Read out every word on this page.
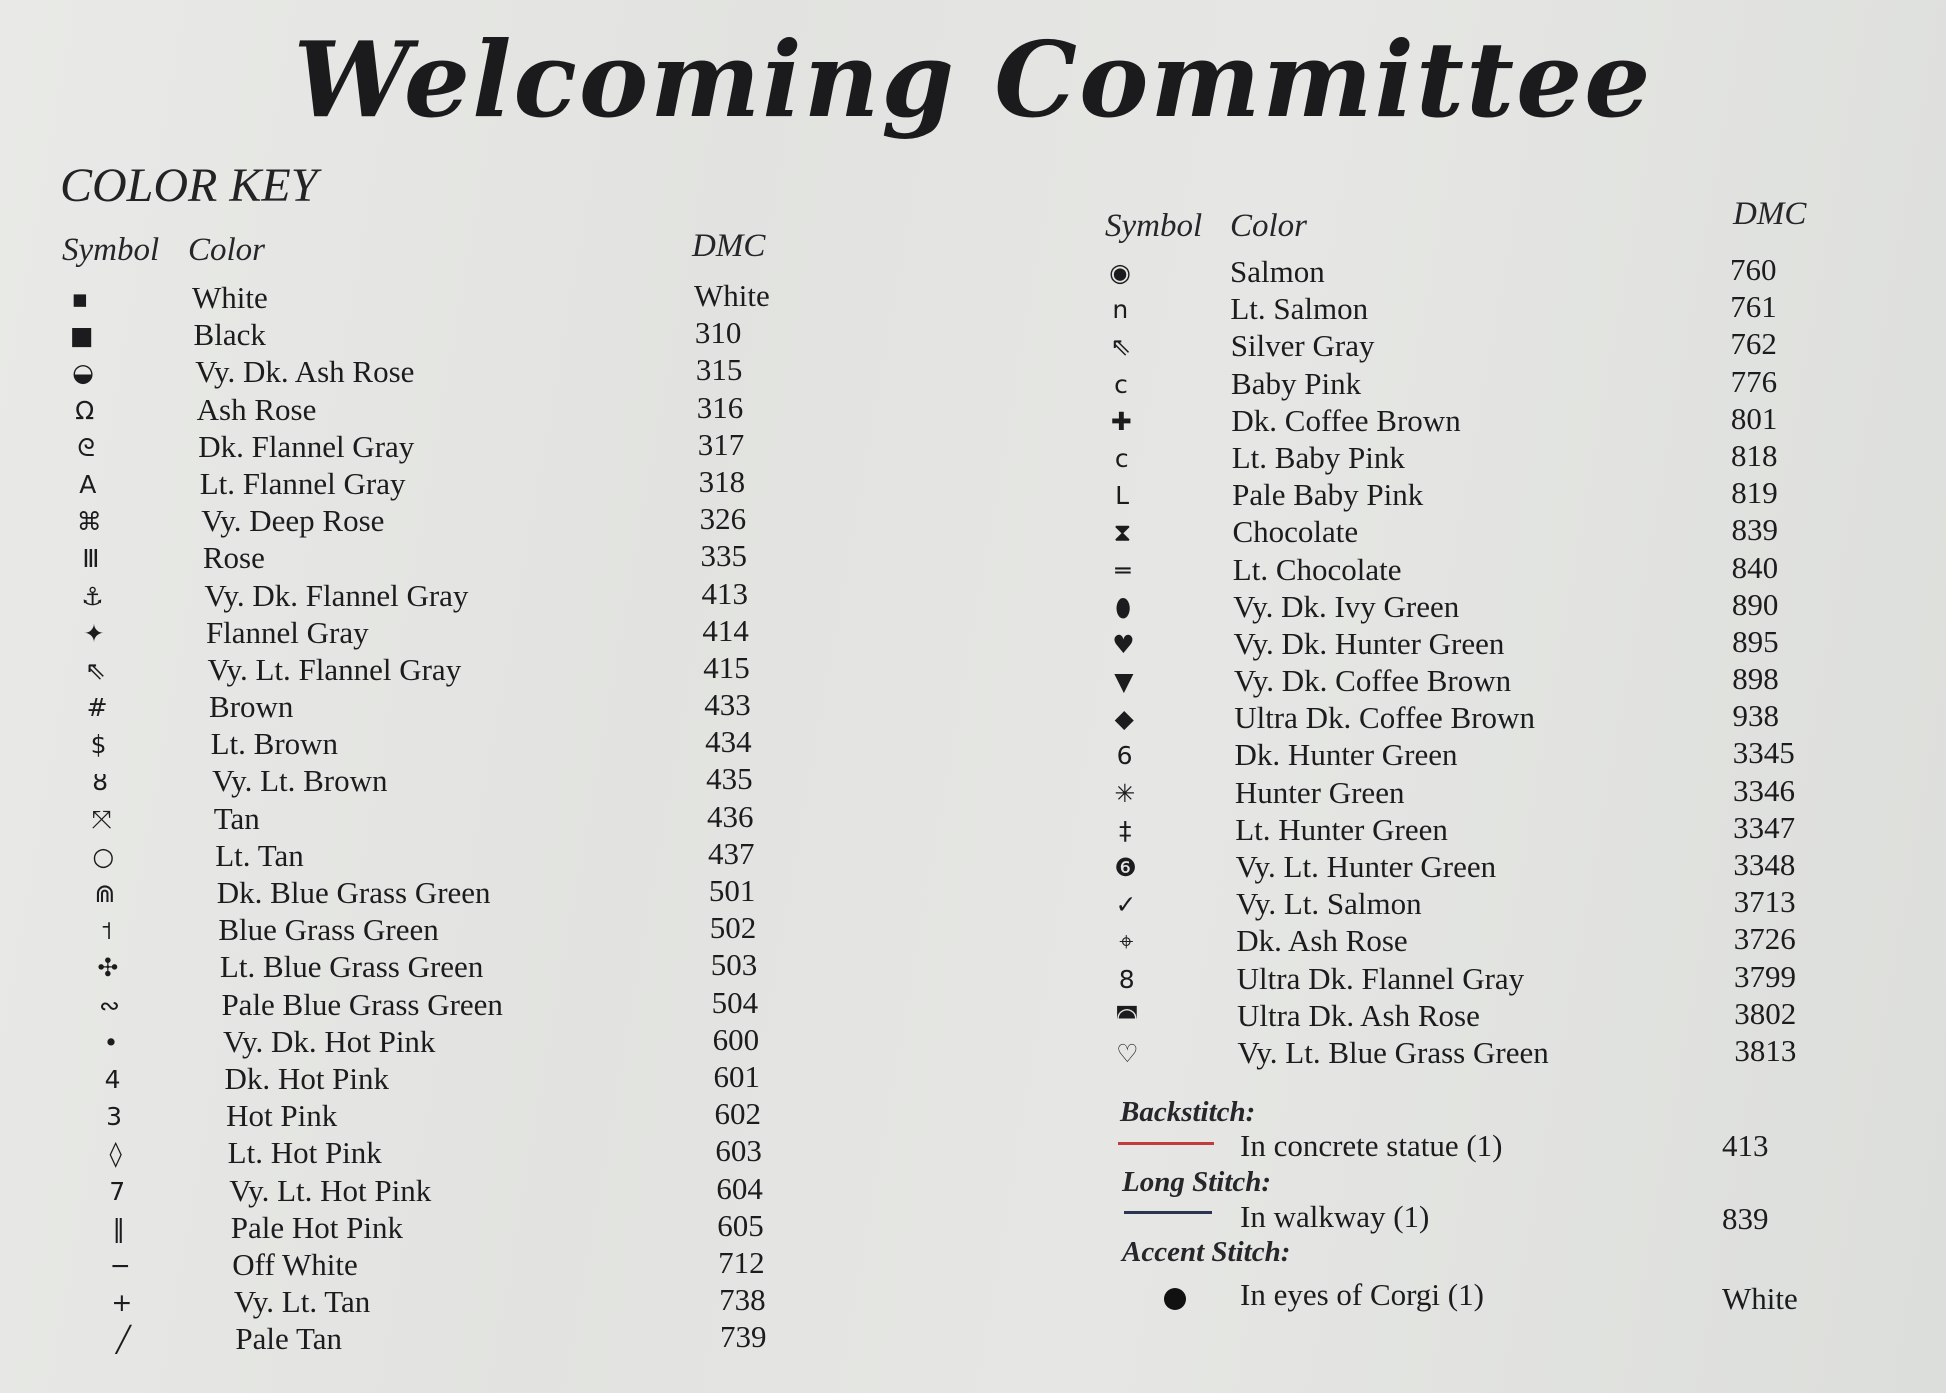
Welcoming Committee
COLOR KEY
Symbol Color	DMC
Symbol Color	DMC
▪	White	White
■	Black	310
◒	Vy. Dk. Ash Rose	315
Ω	Ash Rose	316
ᘓ	Dk. Flannel Gray	317
A	Lt. Flannel Gray	318
⌘	Vy. Deep Rose	326
Ⅲ	Rose	335
⚓	Vy. Dk. Flannel Gray	413
✦	Flannel Gray	414
⇖	Vy. Lt. Flannel Gray	415
#	Brown	433
$	Lt. Brown	434
ȣ	Vy. Lt. Brown	435
⤧	Tan	436
○	Lt. Tan	437
⋒	Dk. Blue Grass Green	501
˦	Blue Grass Green	502
✣	Lt. Blue Grass Green	503
∾	Pale Blue Grass Green	504
•	Vy. Dk. Hot Pink	600
4	Dk. Hot Pink	601
3	Hot Pink	602
◊	Lt. Hot Pink	603
7	Vy. Lt. Hot Pink	604
‖	Pale Hot Pink	605
−	Off White	712
+	Vy. Lt. Tan	738
╱	Pale Tan	739
◉	Salmon	760
n	Lt. Salmon	761
⇖	Silver Gray	762
c	Baby Pink	776
✚	Dk. Coffee Brown	801
c	Lt. Baby Pink	818
L	Pale Baby Pink	819
⧗	Chocolate	839
═	Lt. Chocolate	840
⬮	Vy. Dk. Ivy Green	890
♥	Vy. Dk. Hunter Green	895
▼	Vy. Dk. Coffee Brown	898
◆	Ultra Dk. Coffee Brown	938
6	Dk. Hunter Green	3345
✳	Hunter Green	3346
‡	Lt. Hunter Green	3347
❻	Vy. Lt. Hunter Green	3348
✓	Vy. Lt. Salmon	3713
⌖	Dk. Ash Rose	3726
8	Ultra Dk. Flannel Gray	3799
◚	Ultra Dk. Ash Rose	3802
♡	Vy. Lt. Blue Grass Green	3813
Backstitch:
In concrete statue (1)	413
Long Stitch:
In walkway (1)	839
Accent Stitch:
In eyes of Corgi (1)	White
